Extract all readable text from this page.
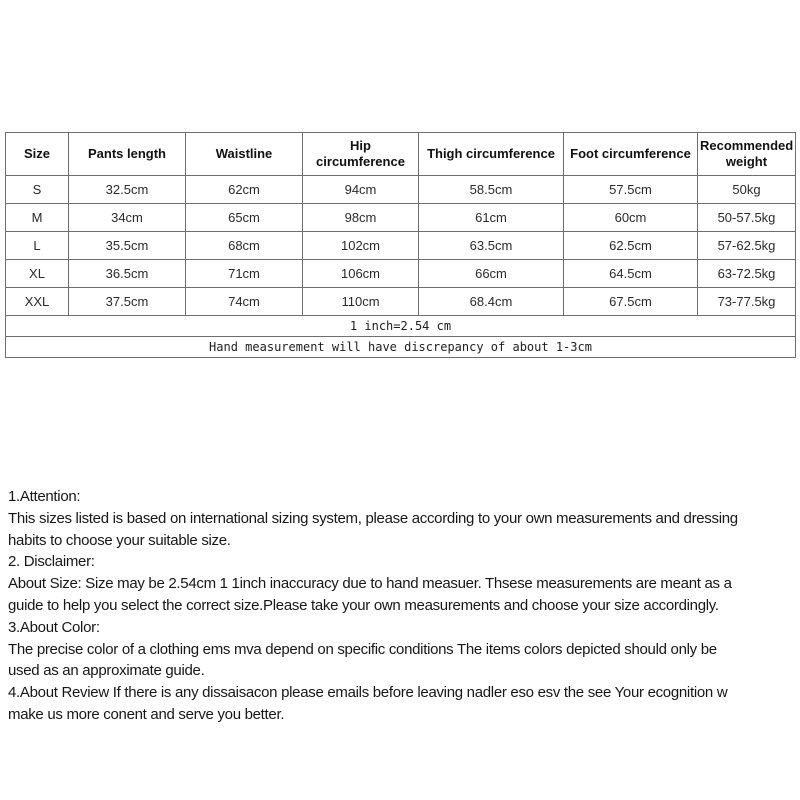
Size	Pants length	Waistline	Hip circumference	Thigh circumference	Foot circumference	Recommended weight
S	32.5cm	62cm	94cm	58.5cm	57.5cm	50kg
M	34cm	65cm	98cm	61cm	60cm	50-57.5kg
L	35.5cm	68cm	102cm	63.5cm	62.5cm	57-62.5kg
XL	36.5cm	71cm	106cm	66cm	64.5cm	63-72.5kg
XXL	37.5cm	74cm	110cm	68.4cm	67.5cm	73-77.5kg
1 inch=2.54 cm						
Hand measurement will have discrepancy of about 1-3cm						
1.Attention:
This sizes listed is based on international sizing system, please according to your own measurements and dressing
habits to choose your suitable size.
2. Disclaimer:
About Size: Size may be 2.54cm 1 1inch inaccuracy due to hand measuer. Thsese measurements are meant as a
guide to help you select the correct size.Please take your own measurements and choose your size accordingly.
3.About Color:
The precise color of a clothing ems mva depend on specific conditions The items colors depicted should only be
used as an approximate guide.
4.About Review If there is any dissaisacon please emails before leaving nadler eso esv the see Your ecognition w
make us more conent and serve you better.
